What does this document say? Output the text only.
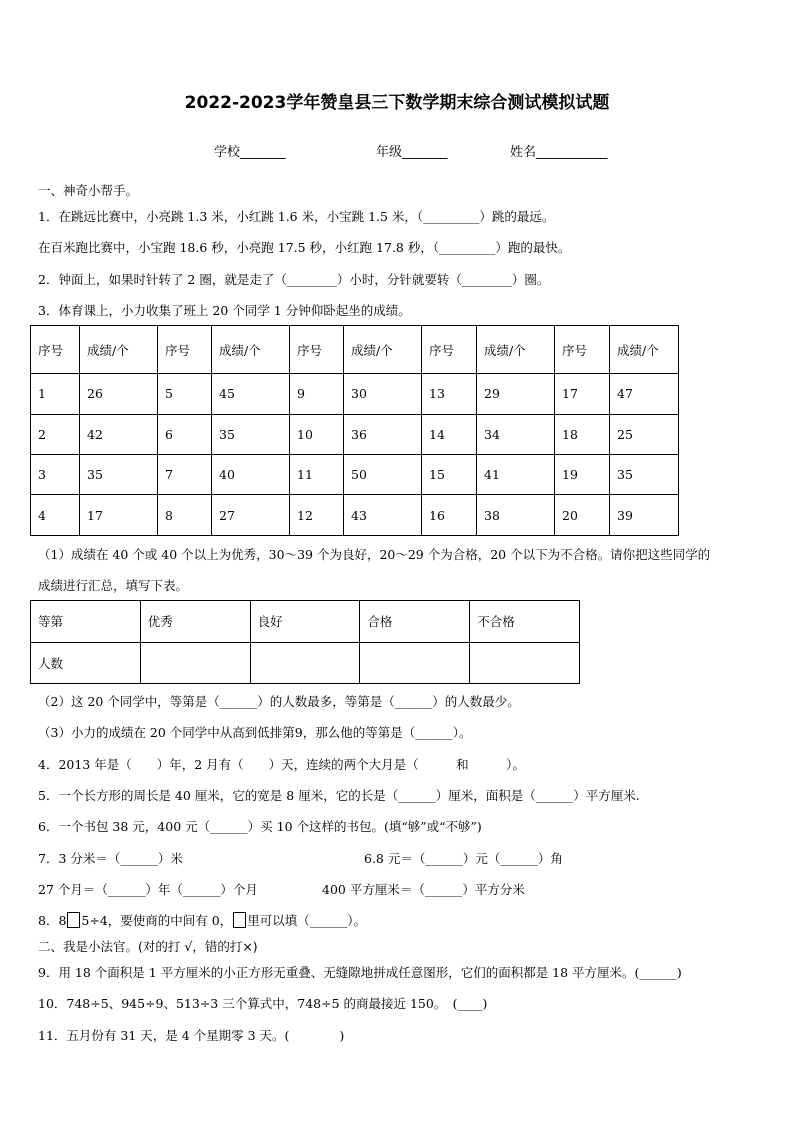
2022-2023学年赞皇县三下数学期末综合测试模拟试题
学校_______	年级_______	姓名___________
一、神奇小帮手。
1．在跳远比赛中，小亮跳 1.3 米，小红跳 1.6 米，小宝跳 1.5 米，（_________）跳的最远。
在百米跑比赛中，小宝跑 18.6 秒，小亮跑 17.5 秒，小红跑 17.8 秒，（_________）跑的最快。
2．钟面上，如果时针转了 2 圈，就是走了（________）小时，分针就要转（________）圈。
3．体育课上，小力收集了班上 20 个同学 1 分钟仰卧起坐的成绩。
序号	成绩/个	序号	成绩/个	序号	成绩/个	序号	成绩/个	序号	成绩/个
1	26	5	45	9	30	13	29	17	47
2	42	6	35	10	36	14	34	18	25
3	35	7	40	11	50	15	41	19	35
4	17	8	27	12	43	16	38	20	39
（1）成绩在 40 个或 40 个以上为优秀，30～39 个为良好，20～29 个为合格，20 个以下为不合格。请你把这些同学的
成绩进行汇总，填写下表。
等第	优秀	良好	合格	不合格
人数				
（2）这 20 个同学中，等第是（______）的人数最多，等第是（______）的人数最少。
（3）小力的成绩在 20 个同学中从高到低排第9，那么他的等第是（______）。
4．2013 年是（　　）年，2 月有（　　）天，连续的两个大月是（　　　和　　　）。
5．一个长方形的周长是 40 厘米，它的宽是 8 厘米，它的长是（______）厘米，面积是（______）平方厘米.
6．一个书包 38 元，400 元（______）买 10 个这样的书包。(填“够”或“不够”)
7．3 分米＝（______）米	6.8 元＝（______）元（______）角
27 个月＝（______）年（______）个月	400 平方厘米＝（______）平方分米
8．8 5÷4，要使商的中间有 0， 里可以填（______）。
二、我是小法官。(对的打 √，错的打×)
9．用 18 个面积是 1 平方厘米的小正方形无重叠、无缝隙地拼成任意图形，它们的面积都是 18 平方厘米。(______)
10．748÷5、945÷9、513÷3 三个算式中，748÷5 的商最接近 150。　(____)
11．五月份有 31 天，是 4 个星期零 3 天。(　　　　)
